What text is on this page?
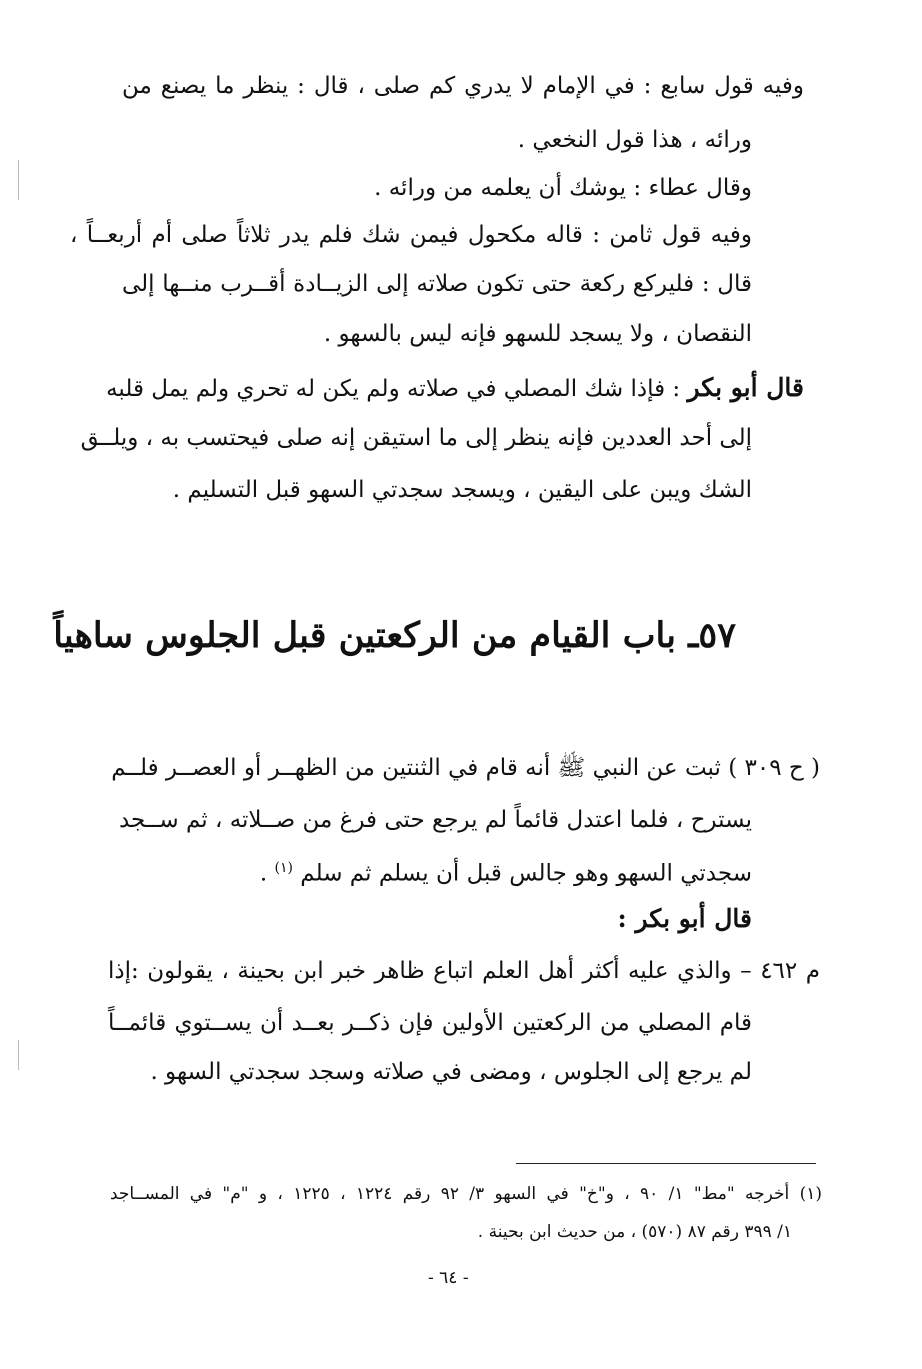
وفيه قول سابع : في الإمام لا يدري كم صلى ، قال : ينظر ما يصنع من
ورائه ، هذا قول النخعي .
وقال عطاء : يوشك أن يعلمه من ورائه .
وفيه قول ثامن : قاله مكحول فيمن شك فلم يدر ثلاثاً صلى أم أربعــاً ،
قال : فليركع ركعة حتى تكون صلاته إلى الزيــادة أقــرب منــها إلى
النقصان ، ولا يسجد للسهو فإنه ليس بالسهو .
قال أبو بكر : فإذا شك المصلي في صلاته ولم يكن له تحري ولم يمل قلبه
إلى أحد العددين فإنه ينظر إلى ما استيقن إنه صلى فيحتسب به ، ويلــق
الشك ويبن على اليقين ، ويسجد سجدتي السهو قبل التسليم .
٥٧ـ باب القيام من الركعتين قبل الجلوس ساهياً
( ح ٣٠٩ ) ثبت عن النبي ﷺ أنه قام في الثنتين من الظهــر أو العصــر فلــم
يسترح ، فلما اعتدل قائماً لم يرجع حتى فرغ من صــلاته ، ثم ســجد
سجدتي السهو وهو جالس قبل أن يسلم ثم سلم $^{(١)}$ .
قال أبو بكر :
م ٤٦٢ – والذي عليه أكثر أهل العلم اتباع ظاهر خبر ابن بحينة ، يقولون :إذا
قام المصلي من الركعتين الأولين فإن ذكــر بعــد أن يســتوي قائمــاً
لم يرجع إلى الجلوس ، ومضى في صلاته وسجد سجدتي السهو .
(١) أخرجه "مط" ١/ ٩٠ ، و"خ" في السهو ٣/ ٩٢ رقم ١٢٢٤ ، ١٢٢٥ ، و "م" في المســاجد
١/ ٣٩٩ رقم ٨٧ (٥٧٠) ، من حديث ابن بحينة .
- ٦٤ -
